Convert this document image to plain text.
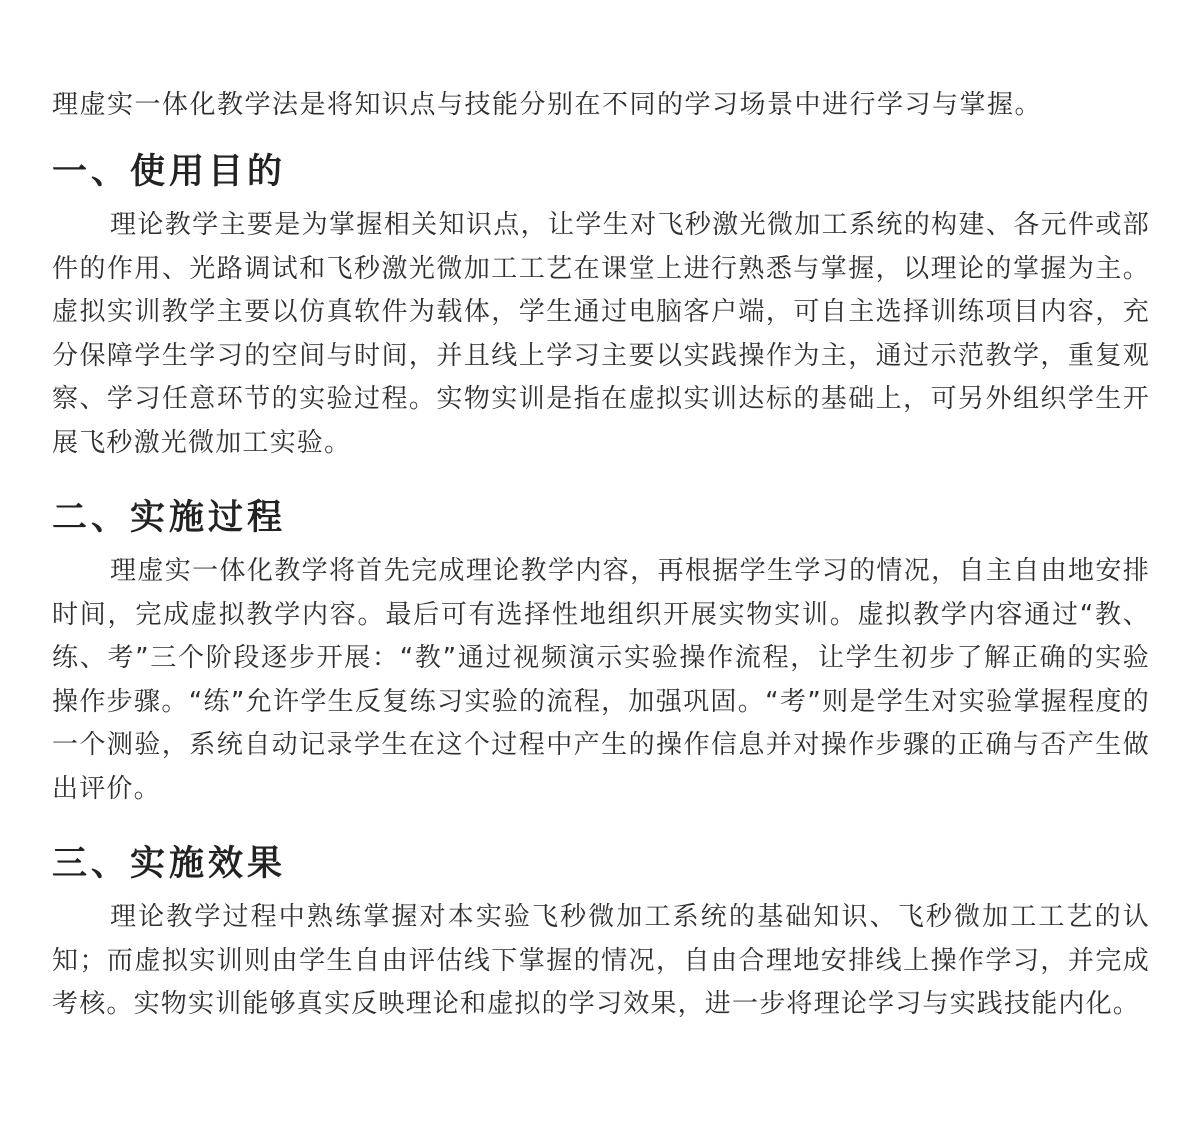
理虚实一体化教学法是将知识点与技能分别在不同的学习场景中进行学习与掌握。

一、使用目的

理论教学主要是为掌握相关知识点，让学生对飞秒激光微加工系统的构建、各元件或部件的作用、光路调试和飞秒激光微加工工艺在课堂上进行熟悉与掌握，以理论的掌握为主。虚拟实训教学主要以仿真软件为载体，学生通过电脑客户端，可自主选择训练项目内容，充分保障学生学习的空间与时间，并且线上学习主要以实践操作为主，通过示范教学，重复观察、学习任意环节的实验过程。实物实训是指在虚拟实训达标的基础上，可另外组织学生开展飞秒激光微加工实验。

二、实施过程

理虚实一体化教学将首先完成理论教学内容，再根据学生学习的情况，自主自由地安排时间，完成虚拟教学内容。最后可有选择性地组织开展实物实训。虚拟教学内容通过“教、练、考”三个阶段逐步开展：“教”通过视频演示实验操作流程，让学生初步了解正确的实验操作步骤。“练”允许学生反复练习实验的流程，加强巩固。“考”则是学生对实验掌握程度的一个测验，系统自动记录学生在这个过程中产生的操作信息并对操作步骤的正确与否产生做出评价。

三、实施效果

理论教学过程中熟练掌握对本实验飞秒微加工系统的基础知识、飞秒微加工工艺的认知；而虚拟实训则由学生自由评估线下掌握的情况，自由合理地安排线上操作学习，并完成考核。实物实训能够真实反映理论和虚拟的学习效果，进一步将理论学习与实践技能内化。
